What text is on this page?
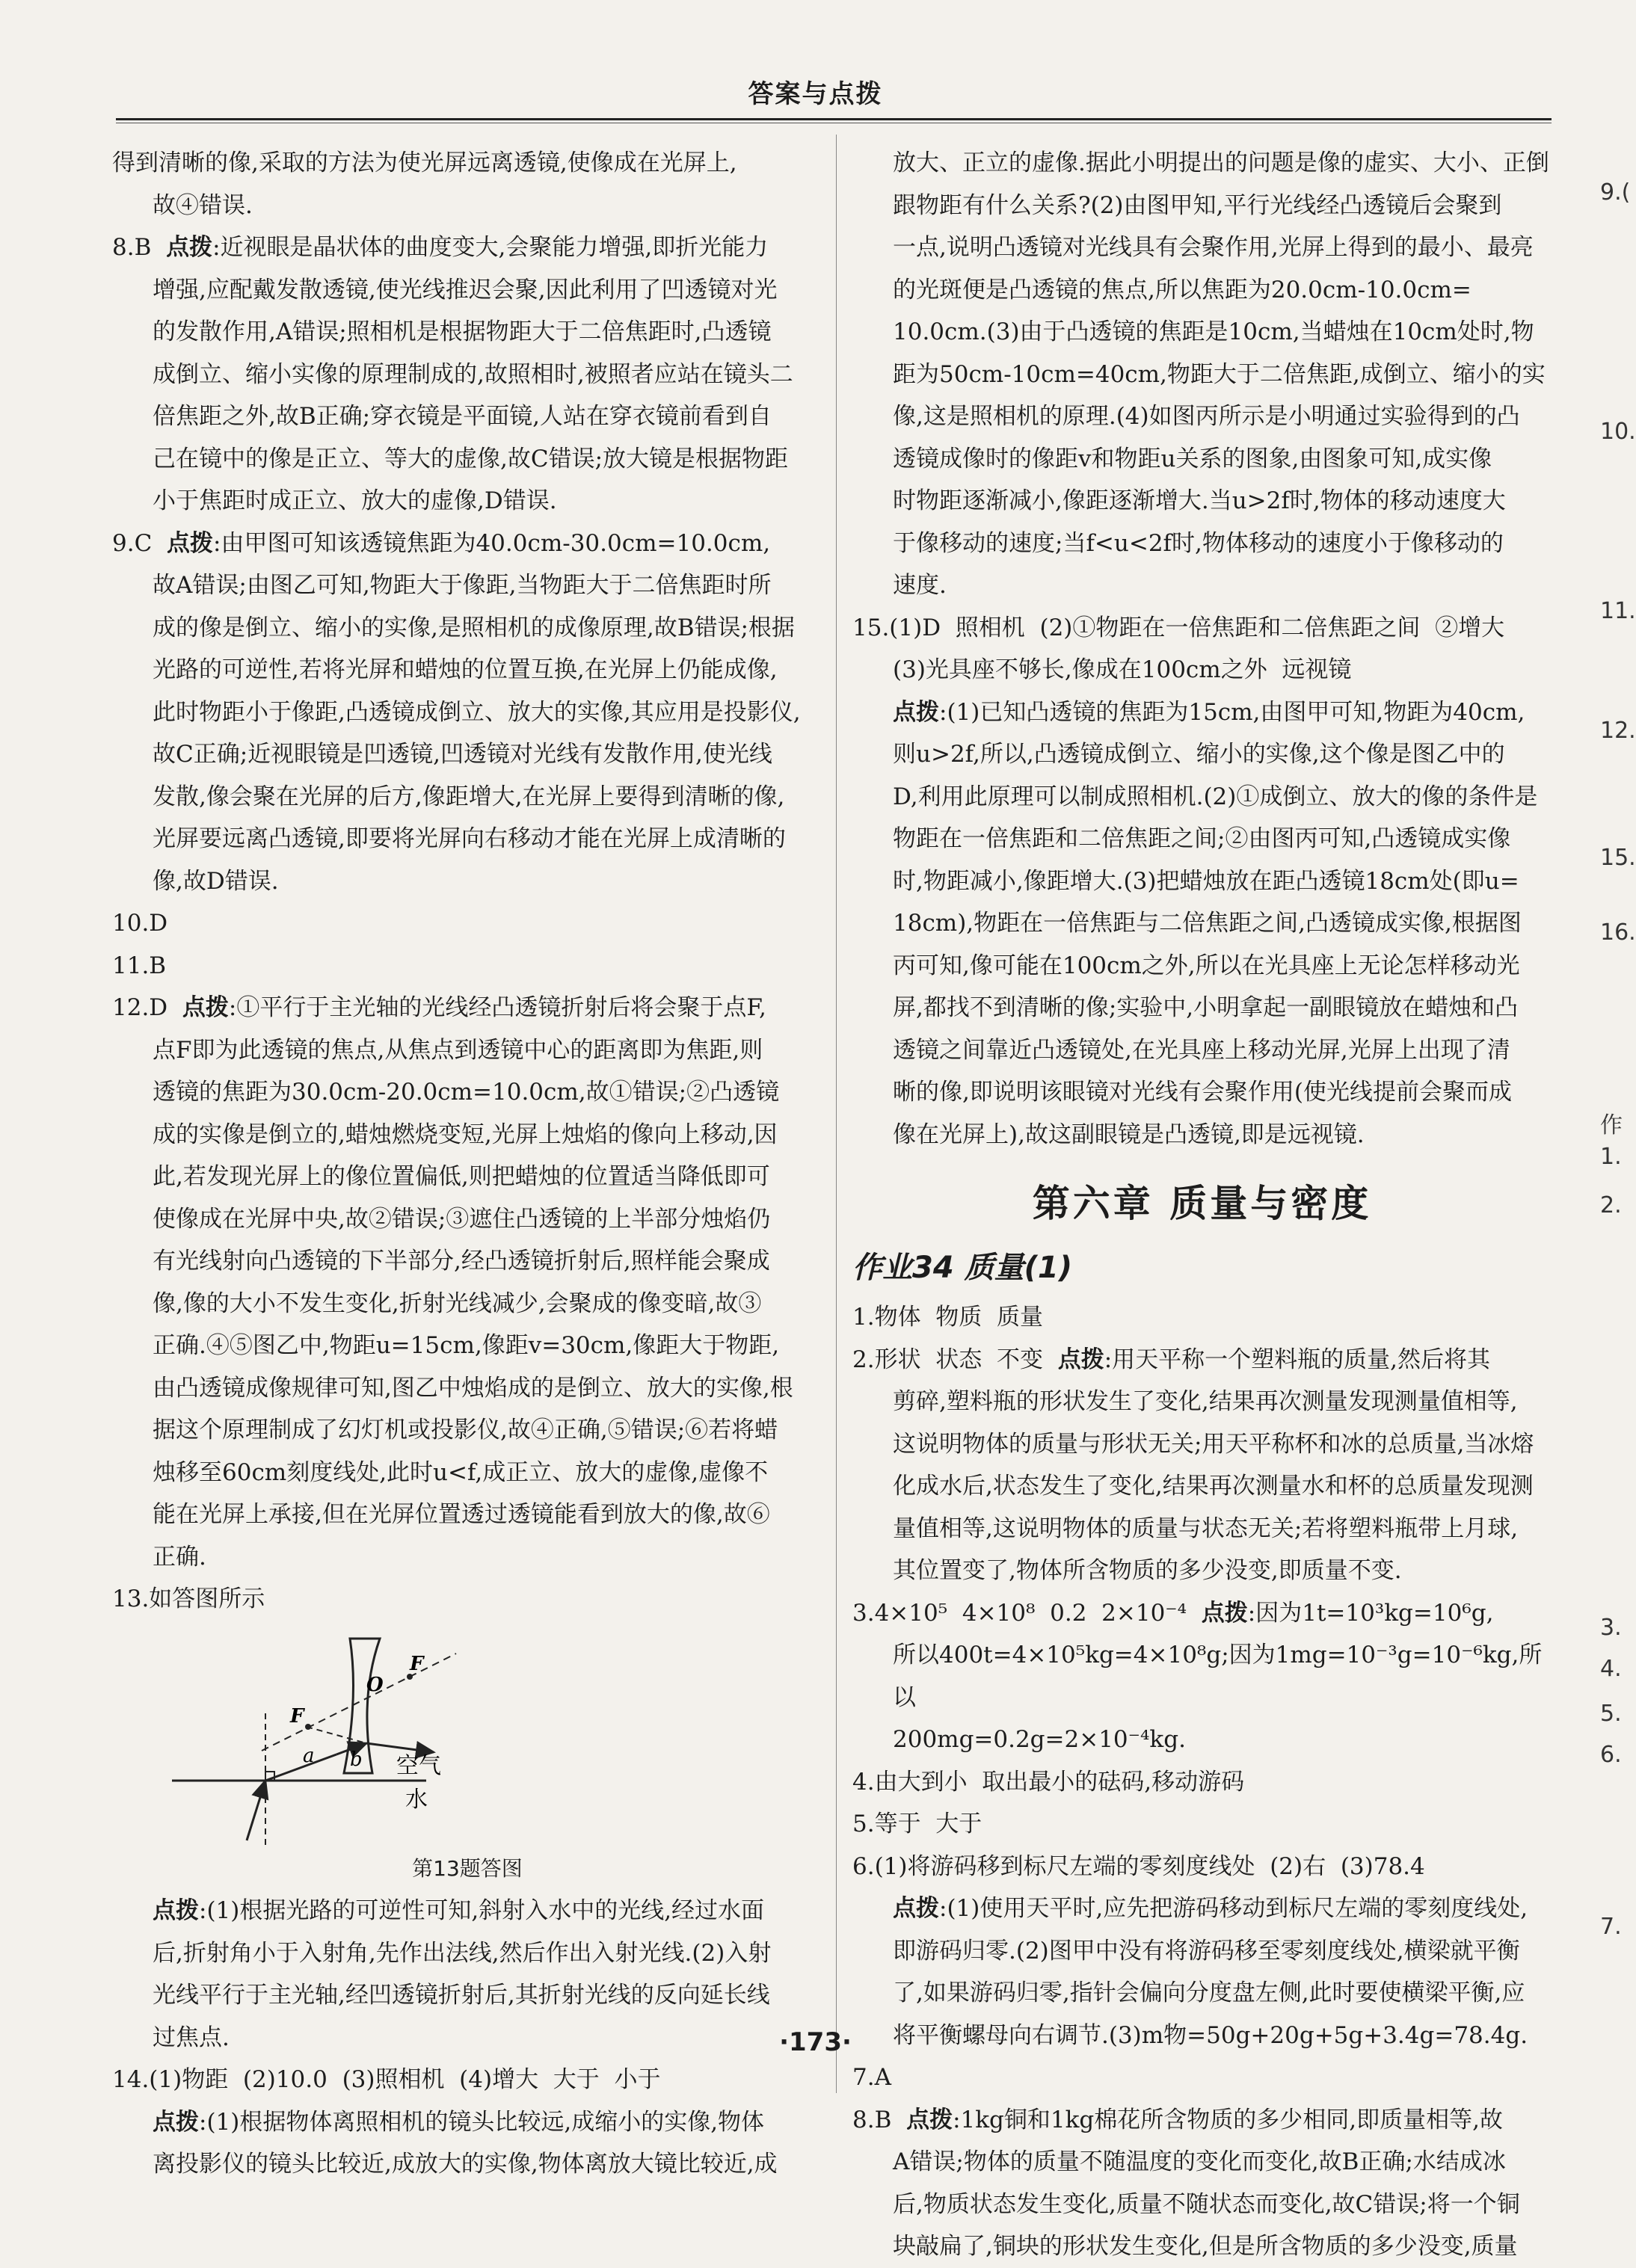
答案与点拨
得到清晰的像,采取的方法为使光屏远离透镜,使像成在光屏上,
故④错误.
8.B  点拨:近视眼是晶状体的曲度变大,会聚能力增强,即折光能力
增强,应配戴发散透镜,使光线推迟会聚,因此利用了凹透镜对光
的发散作用,A错误;照相机是根据物距大于二倍焦距时,凸透镜
成倒立、缩小实像的原理制成的,故照相时,被照者应站在镜头二
倍焦距之外,故B正确;穿衣镜是平面镜,人站在穿衣镜前看到自
己在镜中的像是正立、等大的虚像,故C错误;放大镜是根据物距
小于焦距时成正立、放大的虚像,D错误.
9.C  点拨:由甲图可知该透镜焦距为40.0cm-30.0cm=10.0cm,
故A错误;由图乙可知,物距大于像距,当物距大于二倍焦距时所
成的像是倒立、缩小的实像,是照相机的成像原理,故B错误;根据
光路的可逆性,若将光屏和蜡烛的位置互换,在光屏上仍能成像,
此时物距小于像距,凸透镜成倒立、放大的实像,其应用是投影仪,
故C正确;近视眼镜是凹透镜,凹透镜对光线有发散作用,使光线
发散,像会聚在光屏的后方,像距增大,在光屏上要得到清晰的像,
光屏要远离凸透镜,即要将光屏向右移动才能在光屏上成清晰的
像,故D错误.
10.D
11.B
12.D  点拨:①平行于主光轴的光线经凸透镜折射后将会聚于点F,
点F即为此透镜的焦点,从焦点到透镜中心的距离即为焦距,则
透镜的焦距为30.0cm-20.0cm=10.0cm,故①错误;②凸透镜
成的实像是倒立的,蜡烛燃烧变短,光屏上烛焰的像向上移动,因
此,若发现光屏上的像位置偏低,则把蜡烛的位置适当降低即可
使像成在光屏中央,故②错误;③遮住凸透镜的上半部分烛焰仍
有光线射向凸透镜的下半部分,经凸透镜折射后,照样能会聚成
像,像的大小不发生变化,折射光线减少,会聚成的像变暗,故③
正确.④⑤图乙中,物距u=15cm,像距v=30cm,像距大于物距,
由凸透镜成像规律可知,图乙中烛焰成的是倒立、放大的实像,根
据这个原理制成了幻灯机或投影仪,故④正确,⑤错误;⑥若将蜡
烛移至60cm刻度线处,此时u<f,成正立、放大的虚像,虚像不
能在光屏上承接,但在光屏位置透过透镜能看到放大的像,故⑥
正确.
13.如答图所示
F
F
O
a b 空气
水
第13题答图
点拨:(1)根据光路的可逆性可知,斜射入水中的光线,经过水面
后,折射角小于入射角,先作出法线,然后作出入射光线.(2)入射
光线平行于主光轴,经凹透镜折射后,其折射光线的反向延长线
过焦点.
14.(1)物距  (2)10.0  (3)照相机  (4)增大  大于  小于
点拨:(1)根据物体离照相机的镜头比较远,成缩小的实像,物体
离投影仪的镜头比较近,成放大的实像,物体离放大镜比较近,成
放大、正立的虚像.据此小明提出的问题是像的虚实、大小、正倒
跟物距有什么关系?(2)由图甲知,平行光线经凸透镜后会聚到
一点,说明凸透镜对光线具有会聚作用,光屏上得到的最小、最亮
的光斑便是凸透镜的焦点,所以焦距为20.0cm-10.0cm=
10.0cm.(3)由于凸透镜的焦距是10cm,当蜡烛在10cm处时,物
距为50cm-10cm=40cm,物距大于二倍焦距,成倒立、缩小的实
像,这是照相机的原理.(4)如图丙所示是小明通过实验得到的凸
透镜成像时的像距v和物距u关系的图象,由图象可知,成实像
时物距逐渐减小,像距逐渐增大.当u>2f时,物体的移动速度大
于像移动的速度;当f<u<2f时,物体移动的速度小于像移动的
速度.
15.(1)D  照相机  (2)①物距在一倍焦距和二倍焦距之间  ②增大
(3)光具座不够长,像成在100cm之外  远视镜
点拨:(1)已知凸透镜的焦距为15cm,由图甲可知,物距为40cm,
则u>2f,所以,凸透镜成倒立、缩小的实像,这个像是图乙中的
D,利用此原理可以制成照相机.(2)①成倒立、放大的像的条件是
物距在一倍焦距和二倍焦距之间;②由图丙可知,凸透镜成实像
时,物距减小,像距增大.(3)把蜡烛放在距凸透镜18cm处(即u=
18cm),物距在一倍焦距与二倍焦距之间,凸透镜成实像,根据图
丙可知,像可能在100cm之外,所以在光具座上无论怎样移动光
屏,都找不到清晰的像;实验中,小明拿起一副眼镜放在蜡烛和凸
透镜之间靠近凸透镜处,在光具座上移动光屏,光屏上出现了清
晰的像,即说明该眼镜对光线有会聚作用(使光线提前会聚而成
像在光屏上),故这副眼镜是凸透镜,即是远视镜.
第六章 质量与密度
作业34 质量(1)
1.物体  物质  质量
2.形状  状态  不变  点拨:用天平称一个塑料瓶的质量,然后将其
剪碎,塑料瓶的形状发生了变化,结果再次测量发现测量值相等,
这说明物体的质量与形状无关;用天平称杯和冰的总质量,当冰熔
化成水后,状态发生了变化,结果再次测量水和杯的总质量发现测
量值相等,这说明物体的质量与状态无关;若将塑料瓶带上月球,
其位置变了,物体所含物质的多少没变,即质量不变.
3.4×10⁵  4×10⁸  0.2  2×10⁻⁴  点拨:因为1t=10³kg=10⁶g,
所以400t=4×10⁵kg=4×10⁸g;因为1mg=10⁻³g=10⁻⁶kg,所以
200mg=0.2g=2×10⁻⁴kg.
4.由大到小  取出最小的砝码,移动游码
5.等于  大于
6.(1)将游码移到标尺左端的零刻度线处  (2)右  (3)78.4
点拨:(1)使用天平时,应先把游码移动到标尺左端的零刻度线处,
即游码归零.(2)图甲中没有将游码移至零刻度线处,横梁就平衡
了,如果游码归零,指针会偏向分度盘左侧,此时要使横梁平衡,应
将平衡螺母向右调节.(3)m物=50g+20g+5g+3.4g=78.4g.
7.A
8.B  点拨:1kg铜和1kg棉花所含物质的多少相同,即质量相等,故
A错误;物体的质量不随温度的变化而变化,故B正确;水结成冰
后,物质状态发生变化,质量不随状态而变化,故C错误;将一个铜
块敲扁了,铜块的形状发生变化,但是所含物质的多少没变,质量
·173·
9.(
10.
11.
12.
15.
16.
作
1.
2.
3.
4.
5.
6.
7.
